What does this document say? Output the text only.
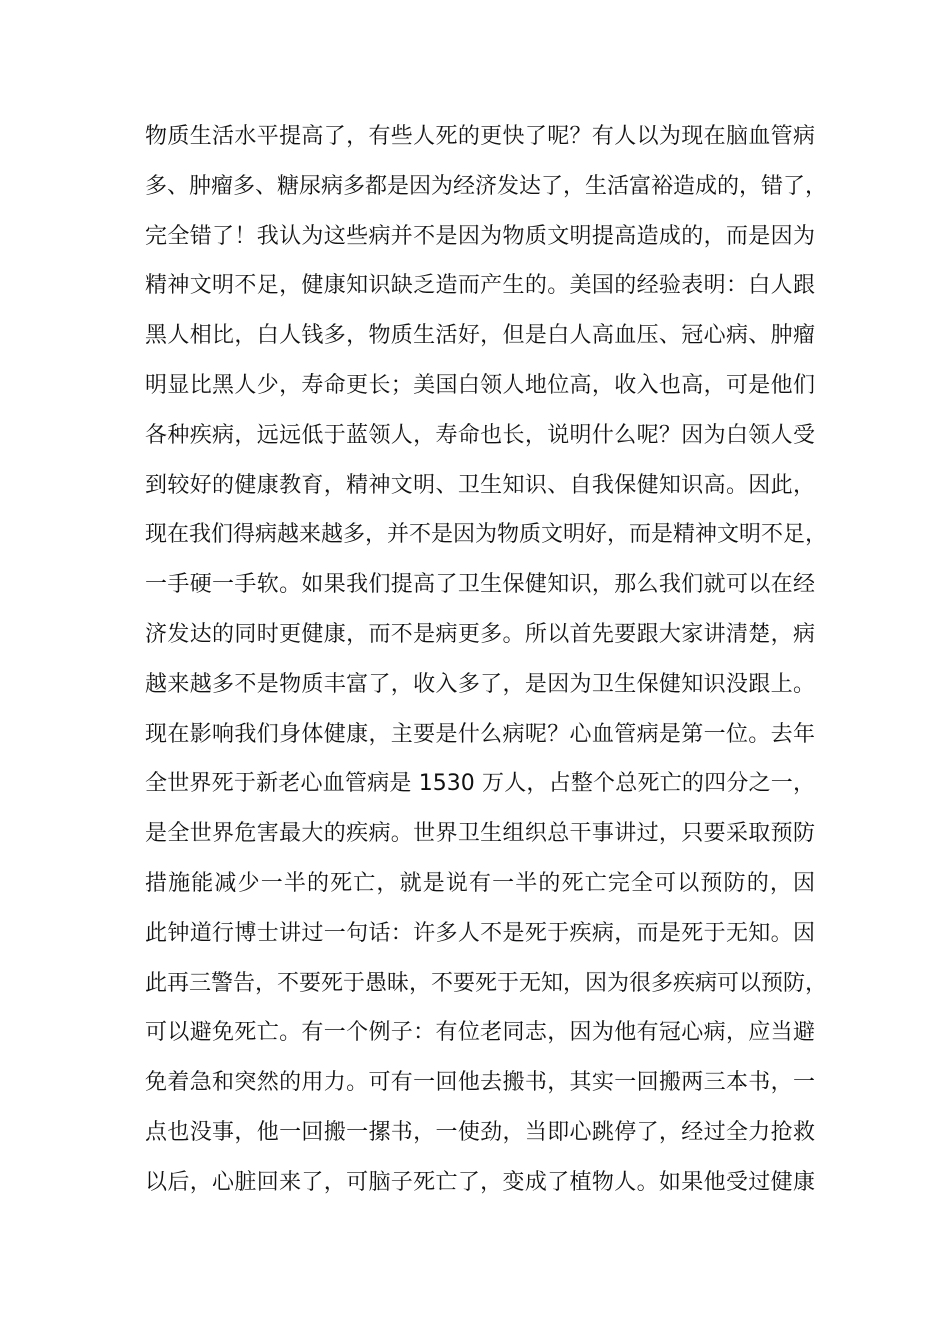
物质生活水平提高了，有些人死的更快了呢？有人以为现在脑血管病
多、肿瘤多、糖尿病多都是因为经济发达了，生活富裕造成的，错了，
完全错了！我认为这些病并不是因为物质文明提高造成的，而是因为
精神文明不足，健康知识缺乏造而产生的。美国的经验表明：白人跟
黑人相比，白人钱多，物质生活好，但是白人高血压、冠心病、肿瘤
明显比黑人少，寿命更长；美国白领人地位高，收入也高，可是他们
各种疾病，远远低于蓝领人，寿命也长，说明什么呢？因为白领人受
到较好的健康教育，精神文明、卫生知识、自我保健知识高。因此，
现在我们得病越来越多，并不是因为物质文明好，而是精神文明不足，
一手硬一手软。如果我们提高了卫生保健知识，那么我们就可以在经
济发达的同时更健康，而不是病更多。所以首先要跟大家讲清楚，病
越来越多不是物质丰富了，收入多了，是因为卫生保健知识没跟上。
现在影响我们身体健康，主要是什么病呢？心血管病是第一位。去年
全世界死于新老心血管病是 1530 万人，占整个总死亡的四分之一，
是全世界危害最大的疾病。世界卫生组织总干事讲过，只要采取预防
措施能减少一半的死亡，就是说有一半的死亡完全可以预防的，因
此钟道行博士讲过一句话：许多人不是死于疾病，而是死于无知。因
此再三警告，不要死于愚昧，不要死于无知，因为很多疾病可以预防，
可以避免死亡。有一个例子：有位老同志，因为他有冠心病，应当避
免着急和突然的用力。可有一回他去搬书，其实一回搬两三本书，一
点也没事，他一回搬一摞书，一使劲，当即心跳停了，经过全力抢救
以后，心脏回来了，可脑子死亡了，变成了植物人。如果他受过健康
